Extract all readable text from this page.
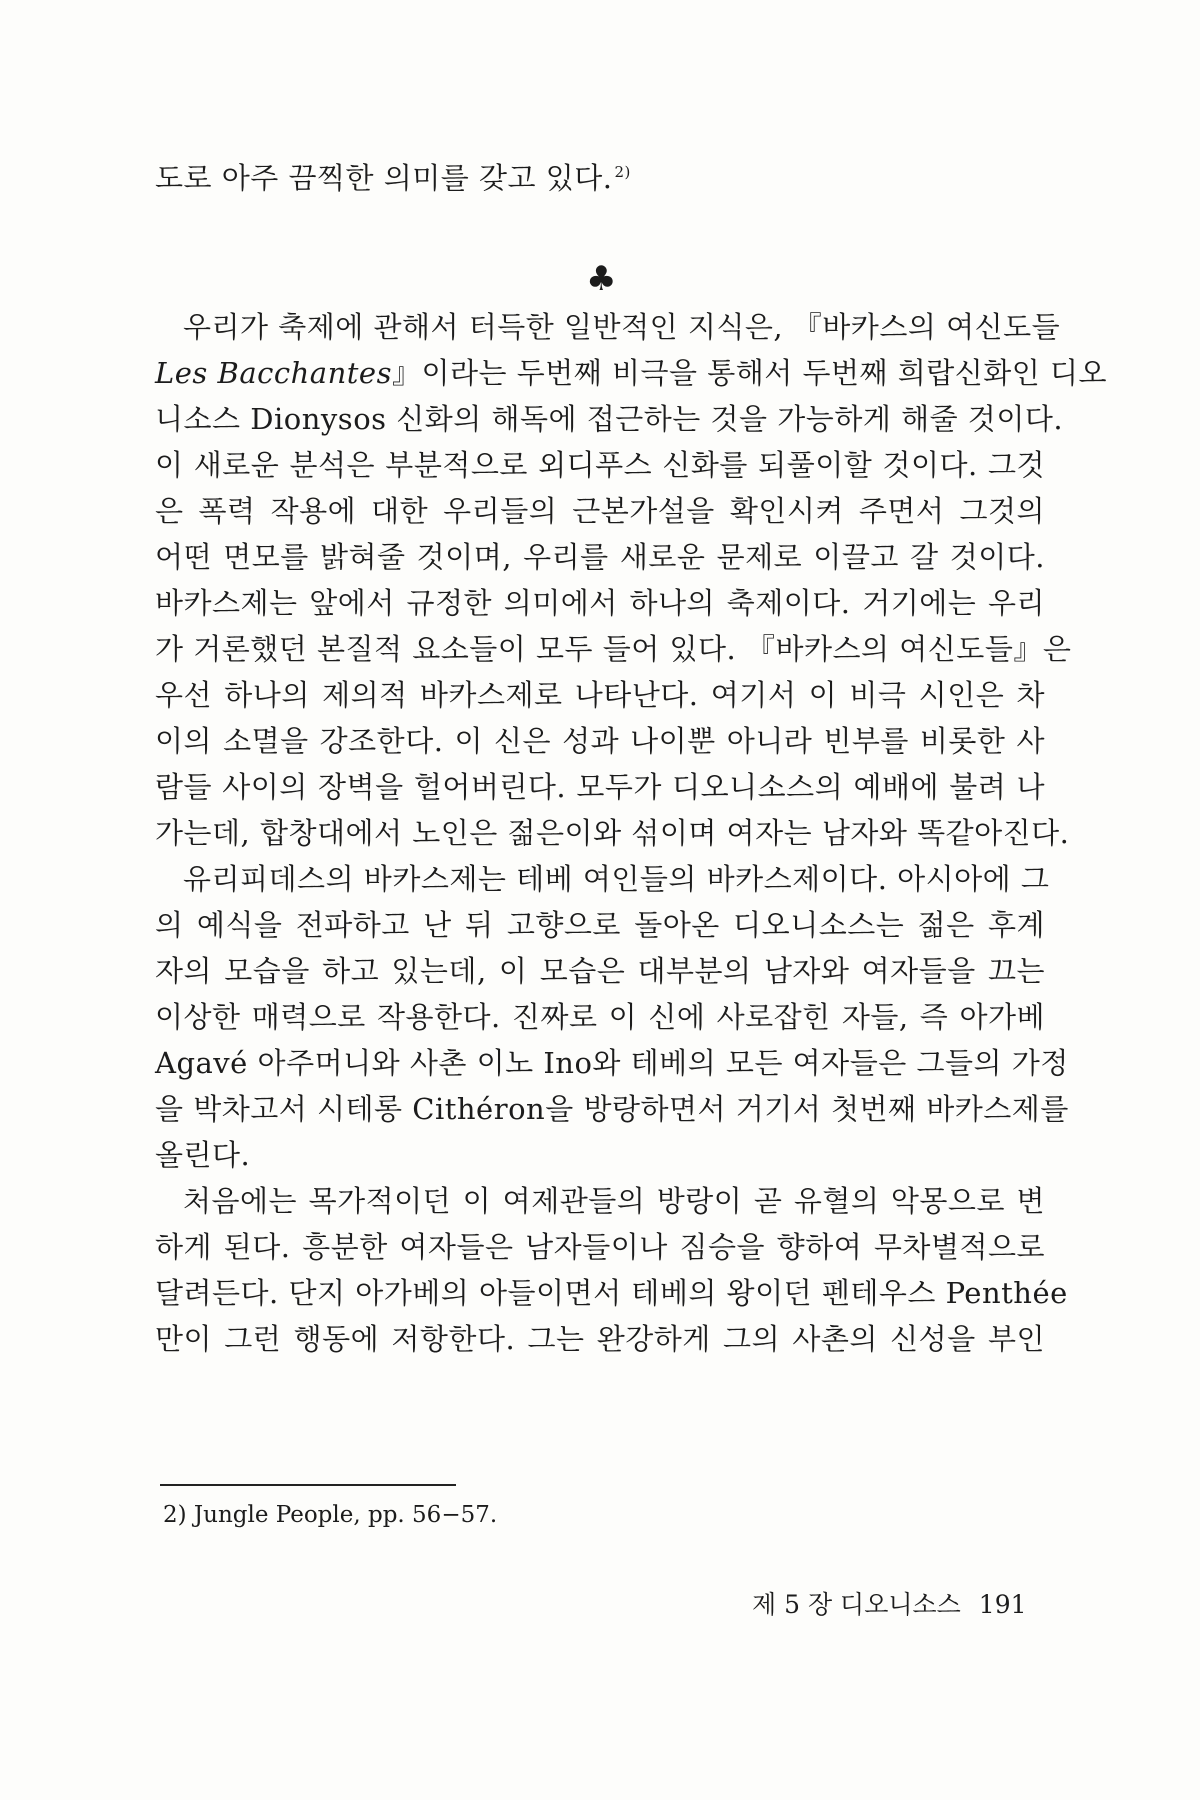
도로 아주 끔찍한 의미를 갖고 있다. $^{2)}$
♣
우리가 축제에 관해서 터득한 일반적인 지식은, 『바카스의 여신도들
Les Bacchantes』이라는 두번째 비극을 통해서 두번째 희랍신화인 디오
니소스 Dionysos 신화의 해독에 접근하는 것을 가능하게 해줄 것이다.
이 새로운 분석은 부분적으로 외디푸스 신화를 되풀이할 것이다. 그것
은 폭력 작용에 대한 우리들의 근본가설을 확인시켜 주면서 그것의
어떤 면모를 밝혀줄 것이며, 우리를 새로운 문제로 이끌고 갈 것이다.
바카스제는 앞에서 규정한 의미에서 하나의 축제이다. 거기에는 우리
가 거론했던 본질적 요소들이 모두 들어 있다. 『바카스의 여신도들』은
우선 하나의 제의적 바카스제로 나타난다. 여기서 이 비극 시인은 차
이의 소멸을 강조한다. 이 신은 성과 나이뿐 아니라 빈부를 비롯한 사
람들 사이의 장벽을 헐어버린다. 모두가 디오니소스의 예배에 불려 나
가는데, 합창대에서 노인은 젊은이와 섞이며 여자는 남자와 똑같아진다.
유리피데스의 바카스제는 테베 여인들의 바카스제이다. 아시아에 그
의 예식을 전파하고 난 뒤 고향으로 돌아온 디오니소스는 젊은 후계
자의 모습을 하고 있는데, 이 모습은 대부분의 남자와 여자들을 끄는
이상한 매력으로 작용한다. 진짜로 이 신에 사로잡힌 자들, 즉 아가베
Agavé 아주머니와 사촌 이노 Ino와 테베의 모든 여자들은 그들의 가정
을 박차고서 시테롱 Cithéron을 방랑하면서 거기서 첫번째 바카스제를
올린다.
처음에는 목가적이던 이 여제관들의 방랑이 곧 유혈의 악몽으로 변
하게 된다. 흥분한 여자들은 남자들이나 짐승을 향하여 무차별적으로
달려든다. 단지 아가베의 아들이면서 테베의 왕이던 펜테우스 Penthée
만이 그런 행동에 저항한다. 그는 완강하게 그의 사촌의 신성을 부인
2) Jungle People, pp. 56−57.
제 5 장 디오니소스 191
